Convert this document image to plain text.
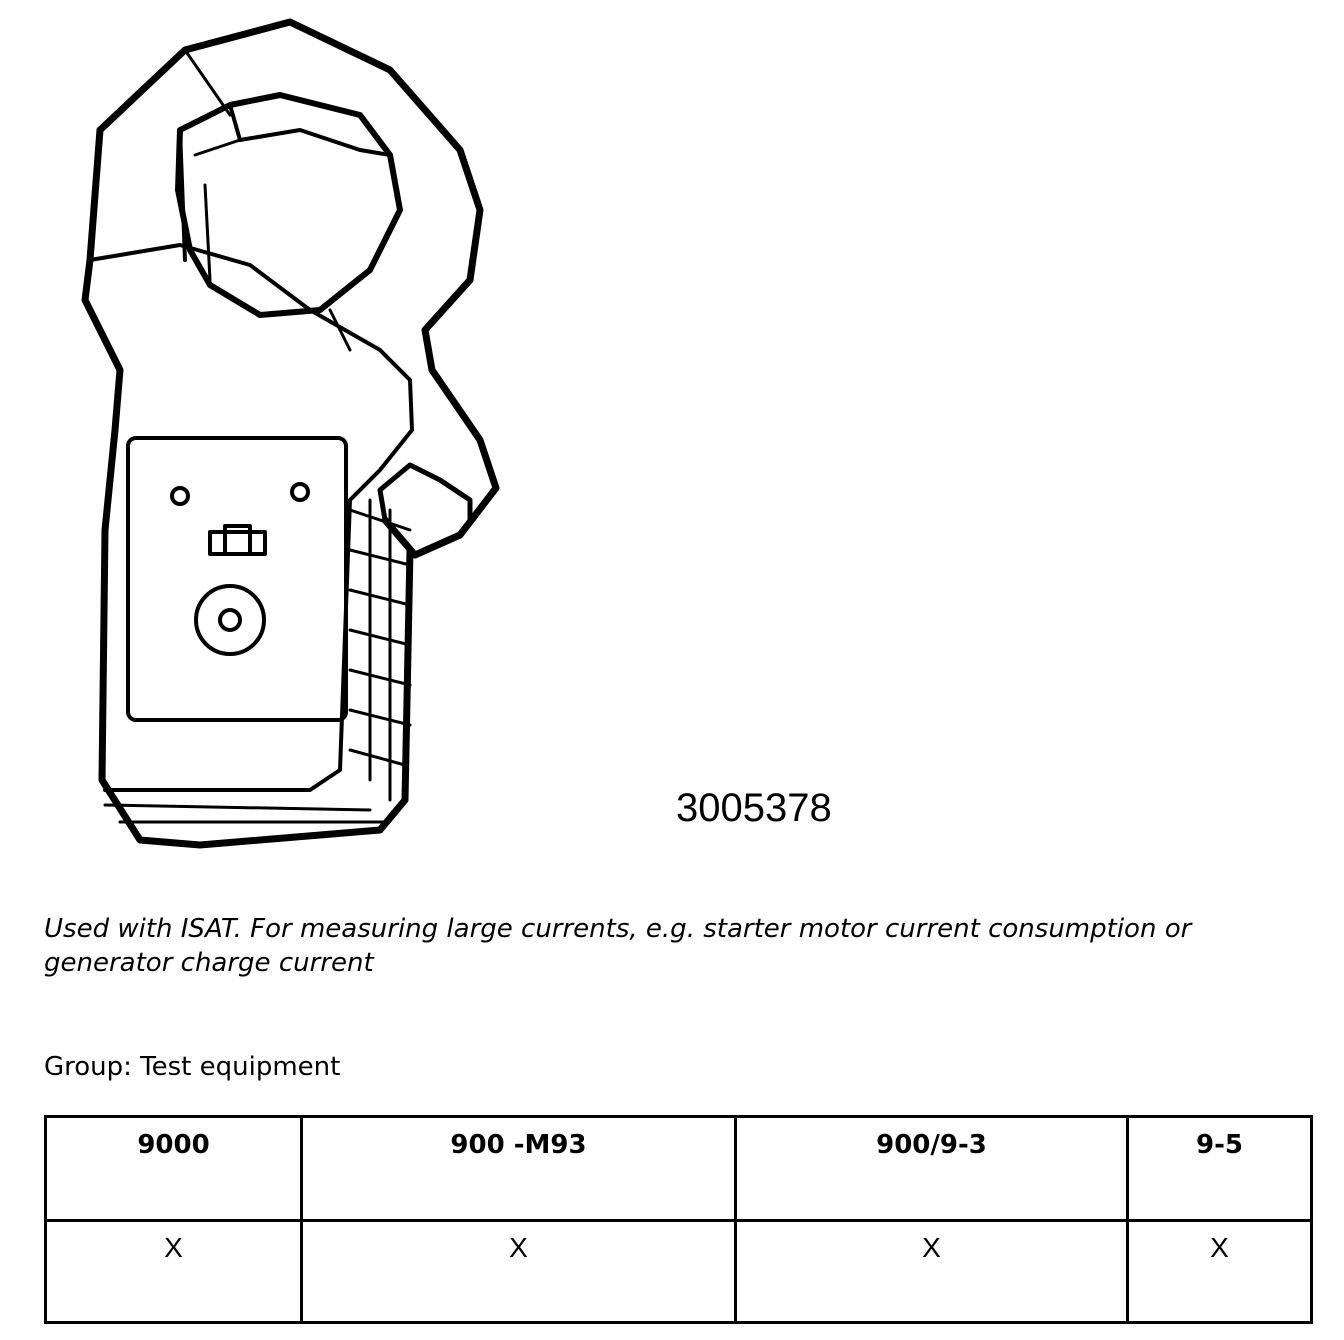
3005378
Used with ISAT. For measuring large currents, e.g. starter motor current consumption or generator charge current
Group: Test equipment
9000	900 -M93	900/9-3	9-5
X	X	X	X
